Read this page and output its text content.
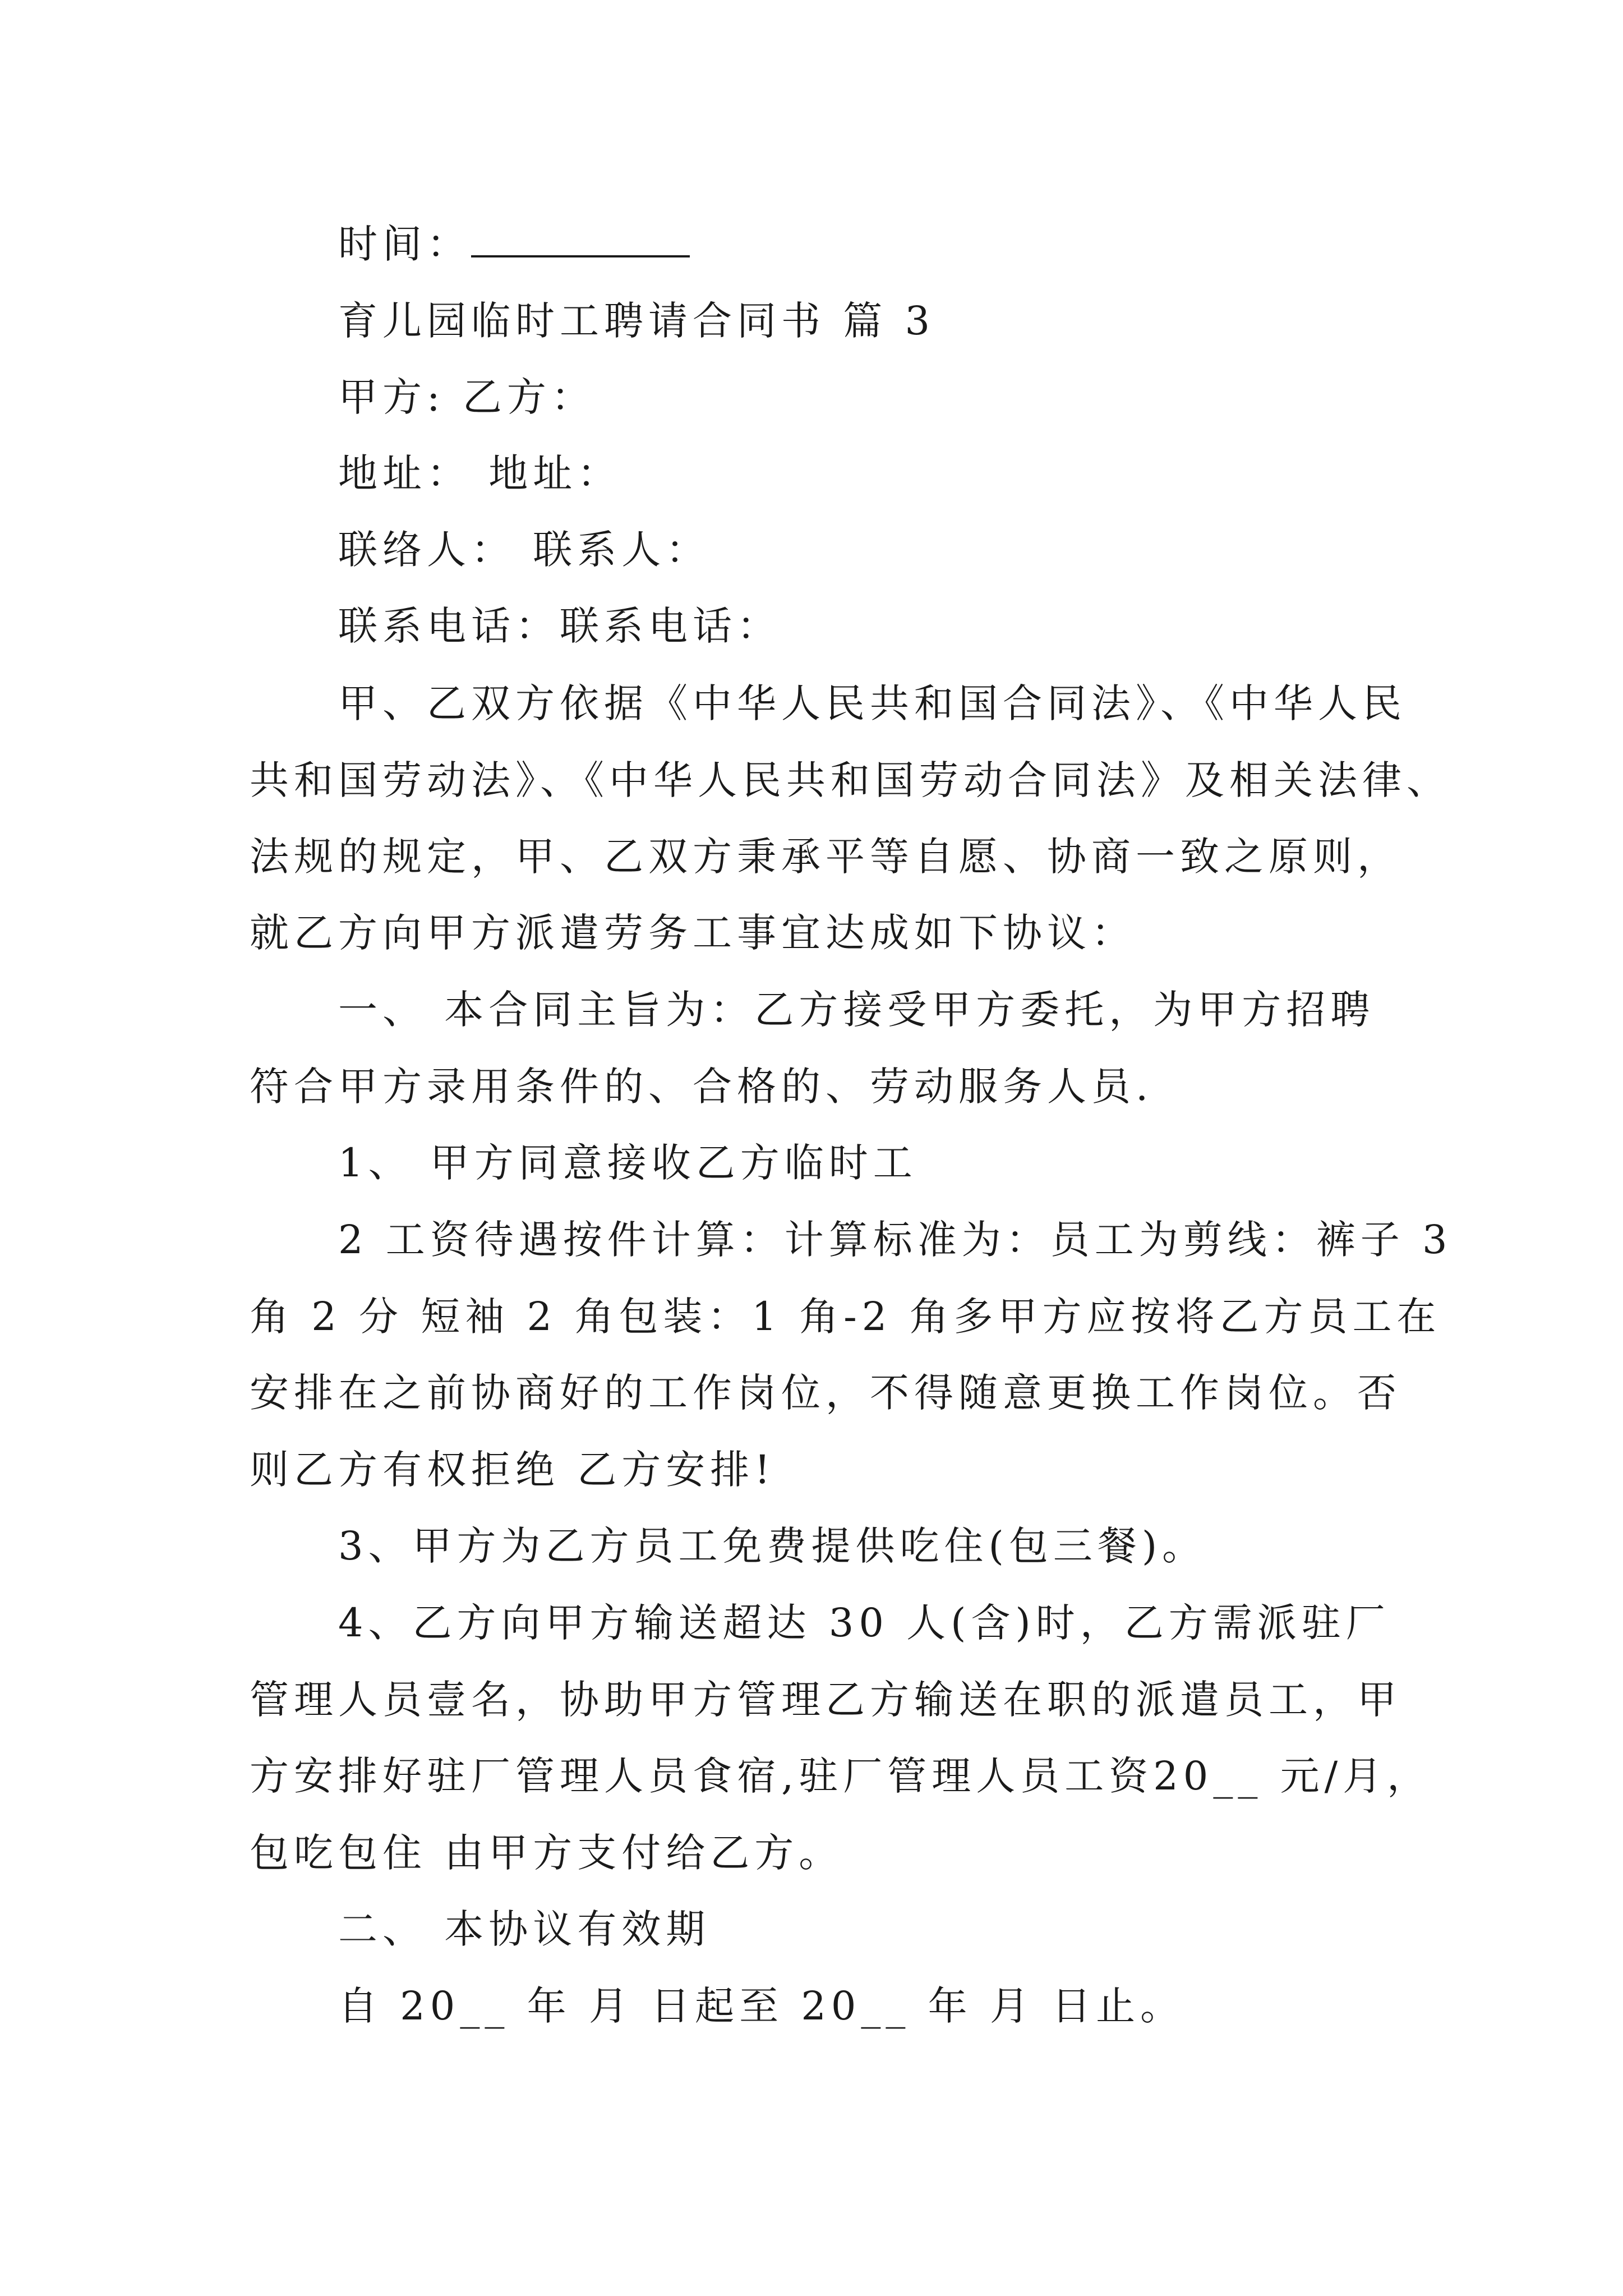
时间：
育儿园临时工聘请合同书 篇 3
甲方: 乙方：
地址： 地址：
联络人： 联系人：
联系电话：联系电话：
甲、乙双方依据《中华人民共和国合同法》、《中华人民
共和国劳动法》、《中华人民共和国劳动合同法》及相关法律、
法规的规定，甲、乙双方秉承平等自愿、协商一致之原则，
就乙方向甲方派遣劳务工事宜达成如下协议：
一、 本合同主旨为：乙方接受甲方委托，为甲方招聘
符合甲方录用条件的、合格的、劳动服务人员.
1、 甲方同意接收乙方临时工
2 工资待遇按件计算：计算标准为：员工为剪线：裤子 3
角 2 分 短袖 2 角包装：1 角-2 角多甲方应按将乙方员工在
安排在之前协商好的工作岗位，不得随意更换工作岗位。否
则乙方有权拒绝 乙方安排!
3、甲方为乙方员工免费提供吃住(包三餐)。
4、乙方向甲方输送超达 30 人(含)时，乙方需派驻厂
管理人员壹名，协助甲方管理乙方输送在职的派遣员工，甲
方安排好驻厂管理人员食宿,驻厂管理人员工资20__ 元/月，
包吃包住 由甲方支付给乙方。
二、 本协议有效期
自 20__ 年 月 日起至 20__ 年 月 日止。
